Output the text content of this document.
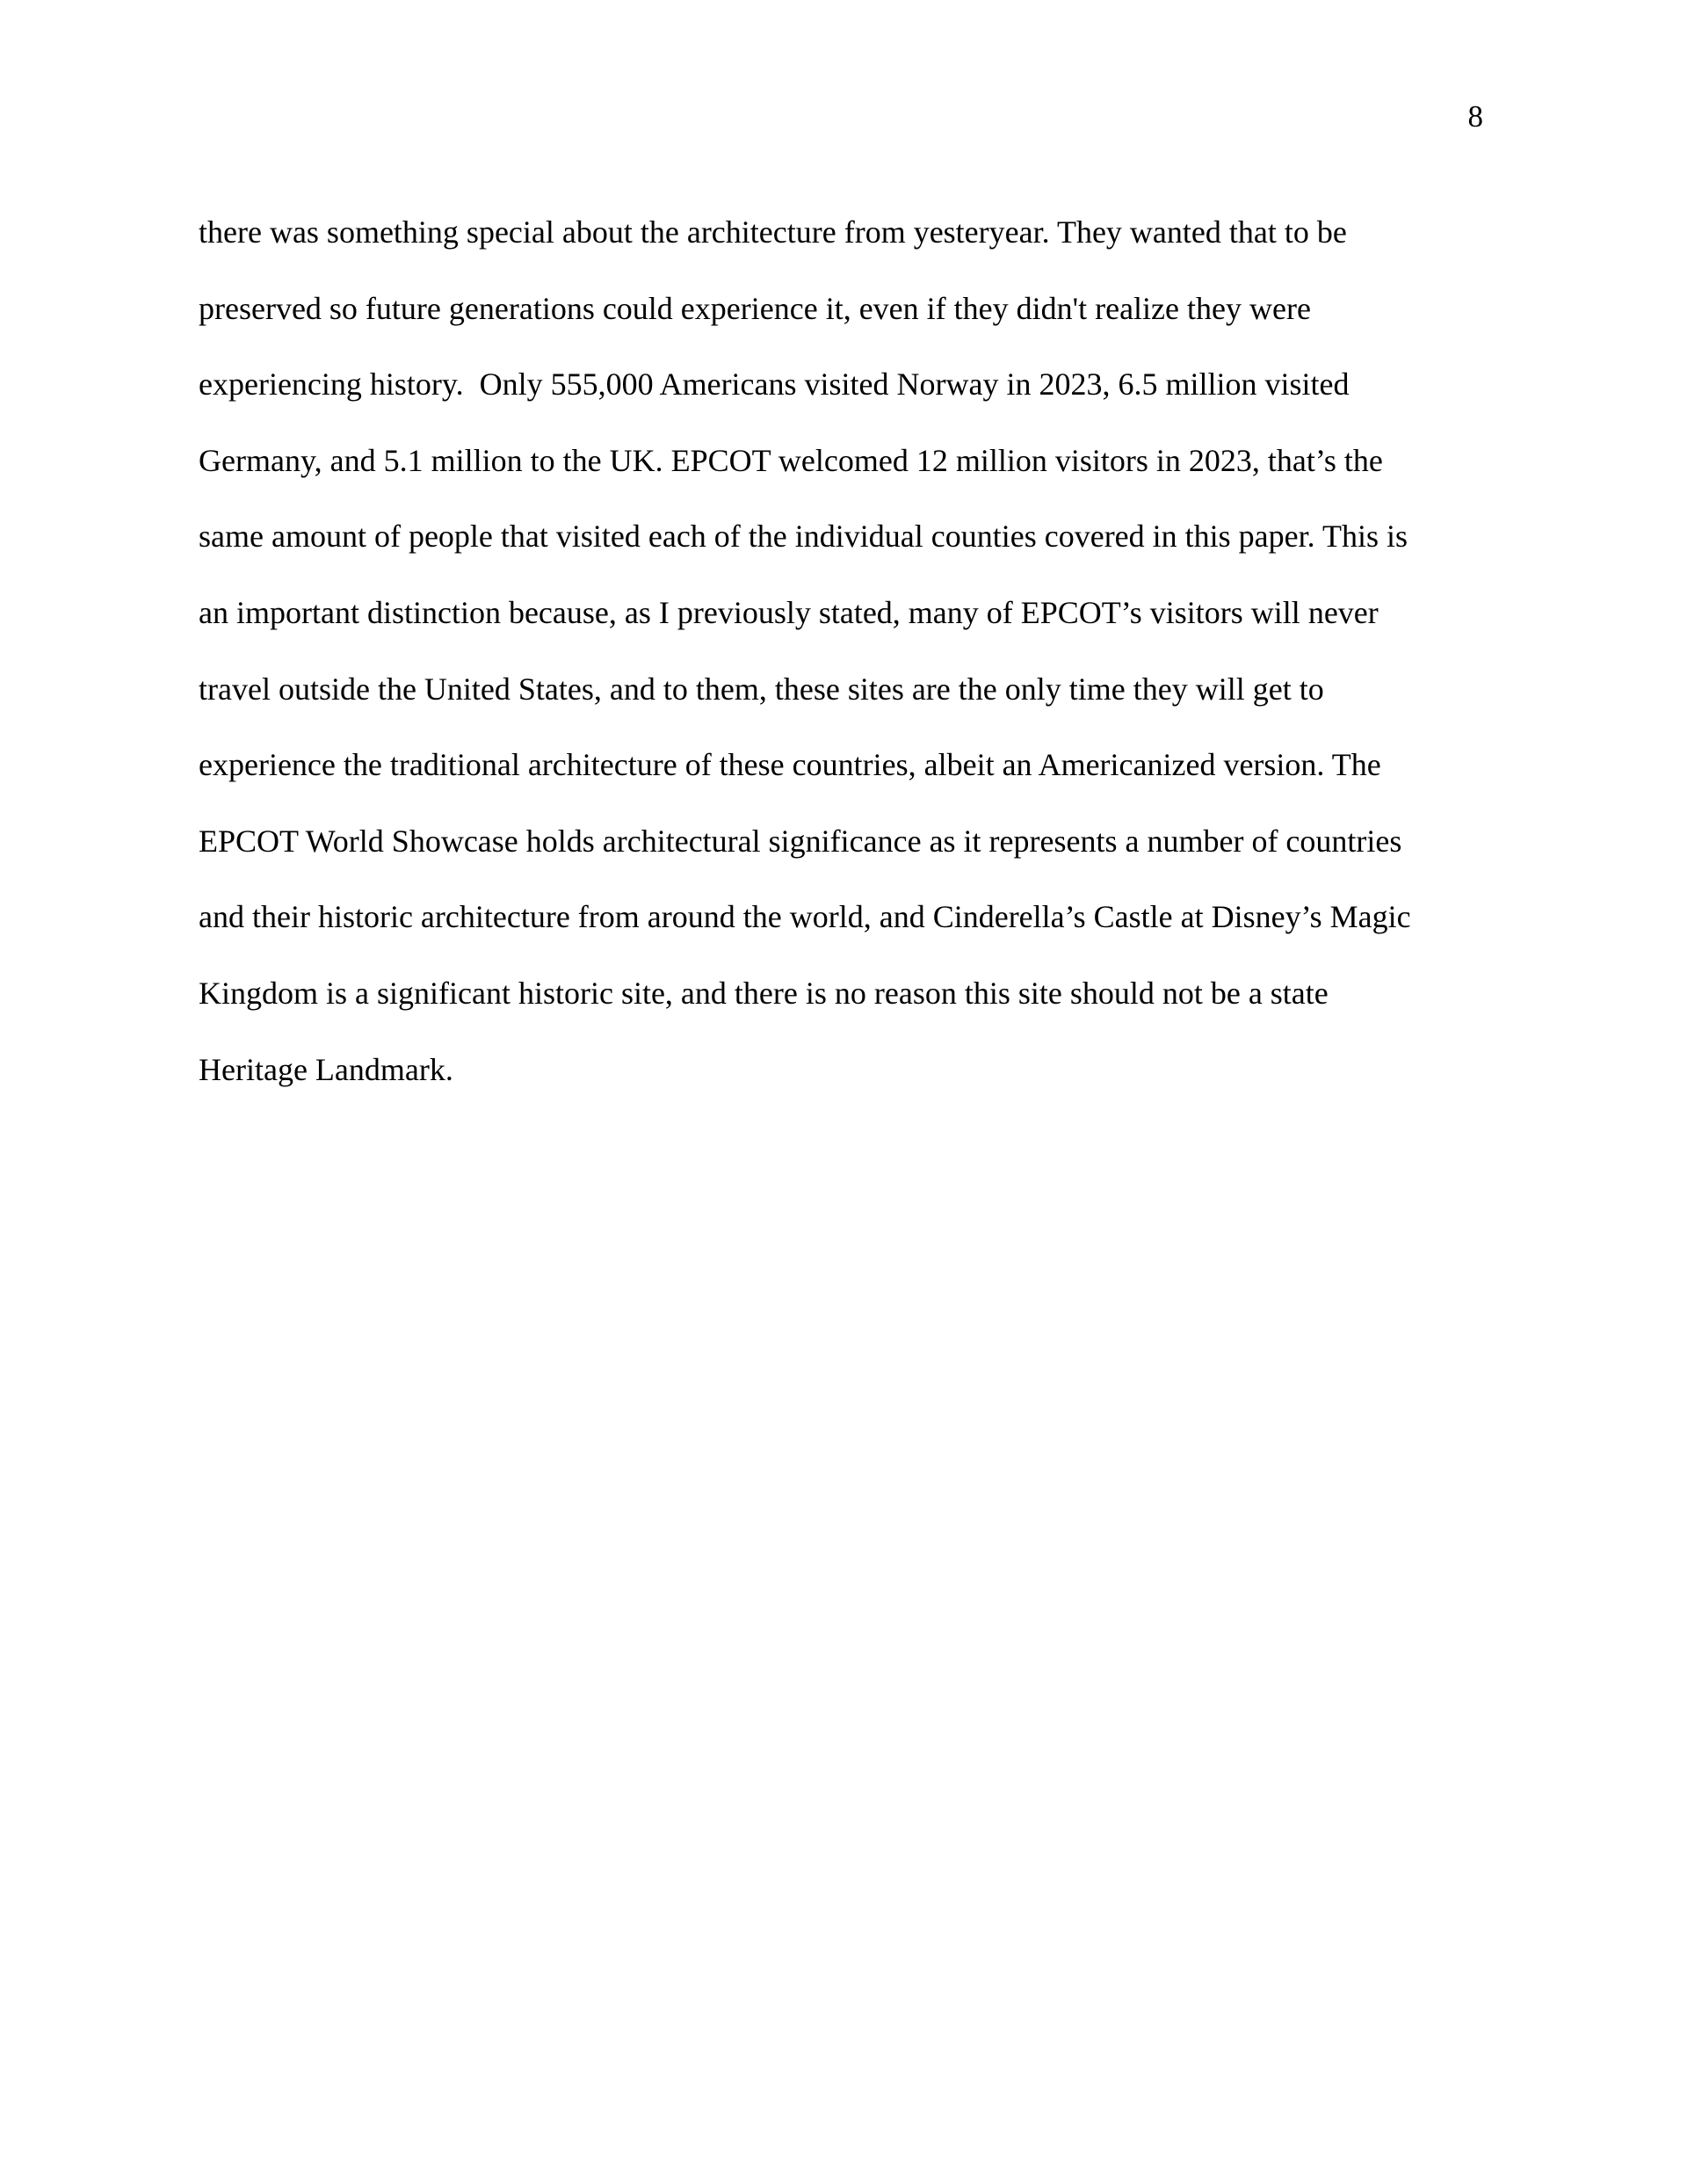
8

there was something special about the architecture from yesteryear. They wanted that to be
preserved so future generations could experience it, even if they didn't realize they were
experiencing history.  Only 555,000 Americans visited Norway in 2023, 6.5 million visited
Germany, and 5.1 million to the UK. EPCOT welcomed 12 million visitors in 2023, that’s the
same amount of people that visited each of the individual counties covered in this paper. This is
an important distinction because, as I previously stated, many of EPCOT’s visitors will never
travel outside the United States, and to them, these sites are the only time they will get to
experience the traditional architecture of these countries, albeit an Americanized version. The
EPCOT World Showcase holds architectural significance as it represents a number of countries
and their historic architecture from around the world, and Cinderella’s Castle at Disney’s Magic
Kingdom is a significant historic site, and there is no reason this site should not be a state
Heritage Landmark.
